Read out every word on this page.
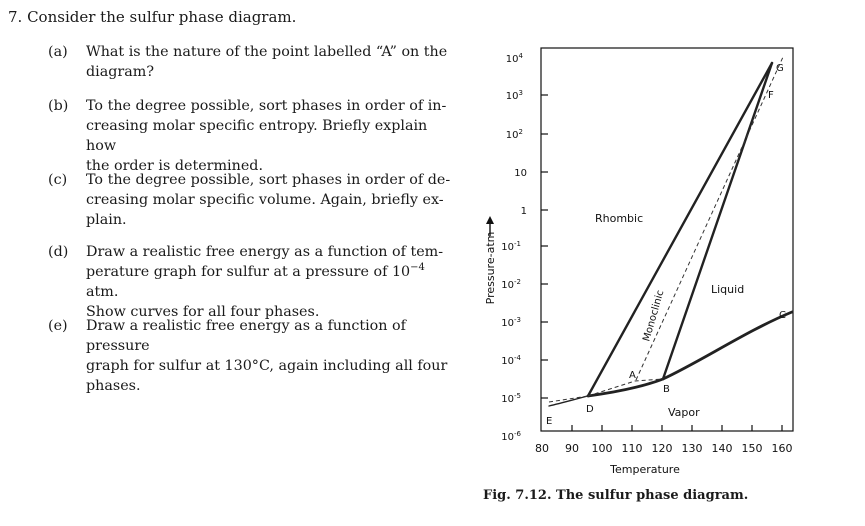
7. Consider the sulfur phase diagram.
(a) What is the nature of the point labelled “A” on the
diagram?
(b) To the degree possible, sort phases in order of in-
creasing molar specific entropy. Briefly explain how
the order is determined.
(c) To the degree possible, sort phases in order of de-
creasing molar specific volume. Again, briefly ex-
plain.
(d) Draw a realistic free energy as a function of tem-
perature graph for sulfur at a pressure of $10^{-4}$ atm.
Show curves for all four phases.
(e) Draw a realistic free energy as a function of pressure
graph for sulfur at 130°C, again including all four
phases.
$10^4$
$10^3$
$10^2$
10
1
$10^{-1}$
$10^{-2}$
$10^{-3}$
$10^{-4}$
$10^{-5}$
$10^{-6}$
80 90 100 110 120 130 140 150 160
Temperature
Pressure-atm
Rhombic
Liquid
Vapor
Monoclinic
A
B
C
D
E
F
G
Fig. 7.12. The sulfur phase diagram.
